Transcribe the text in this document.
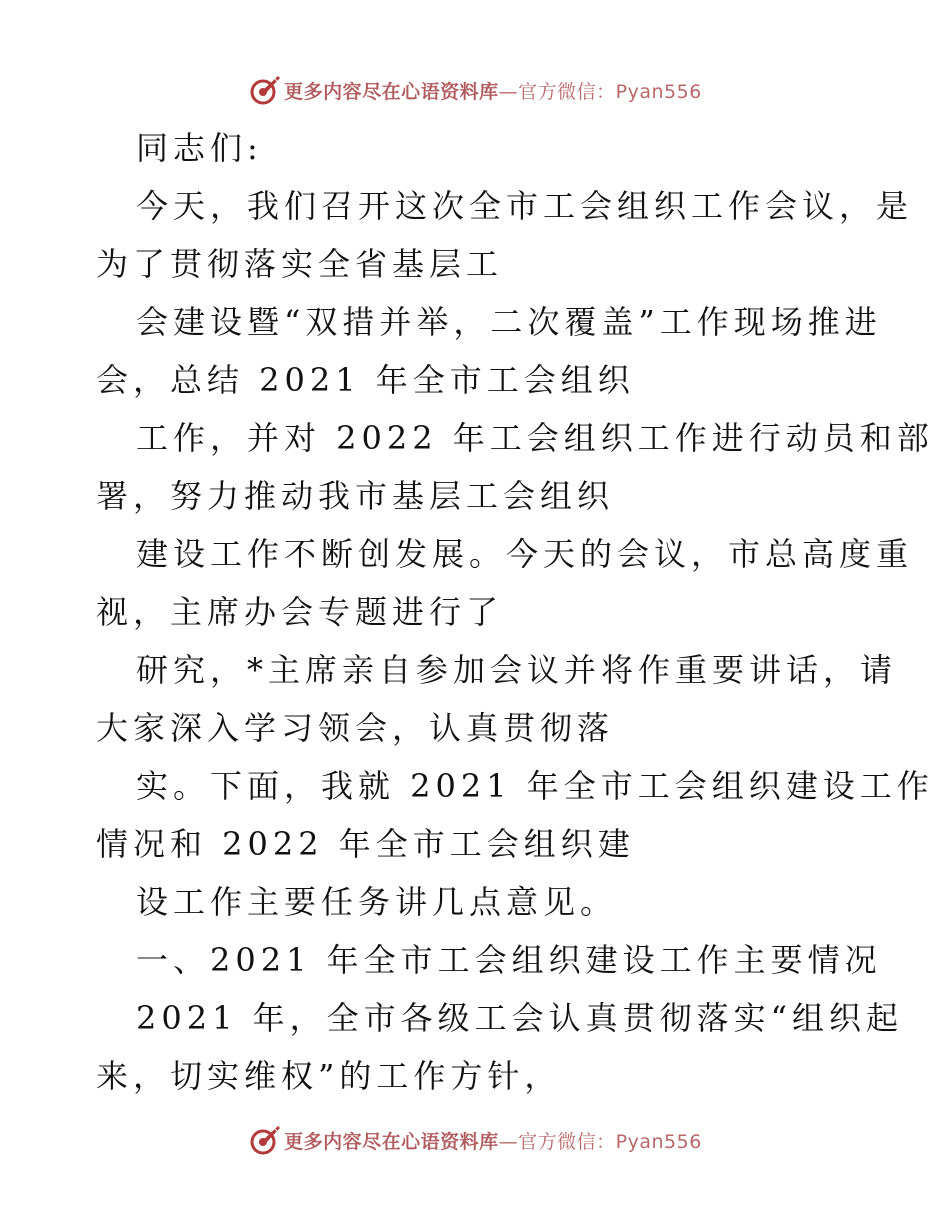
更多内容尽在心语资料库—官方微信：Pyan556
同志们:
今天，我们召开这次全市工会组织工作会议，是
为了贯彻落实全省基层工
会建设暨“双措并举，二次覆盖”工作现场推进
会，总结 2021 年全市工会组织
工作，并对 2022 年工会组织工作进行动员和部
署，努力推动我市基层工会组织
建设工作不断创发展。今天的会议，市总高度重
视，主席办会专题进行了
研究，*主席亲自参加会议并将作重要讲话，请
大家深入学习领会，认真贯彻落
实。下面，我就 2021 年全市工会组织建设工作
情况和 2022 年全市工会组织建
设工作主要任务讲几点意见。
一、2021 年全市工会组织建设工作主要情况
2021 年，全市各级工会认真贯彻落实“组织起
来，切实维权”的工作方针，
更多内容尽在心语资料库—官方微信：Pyan556
